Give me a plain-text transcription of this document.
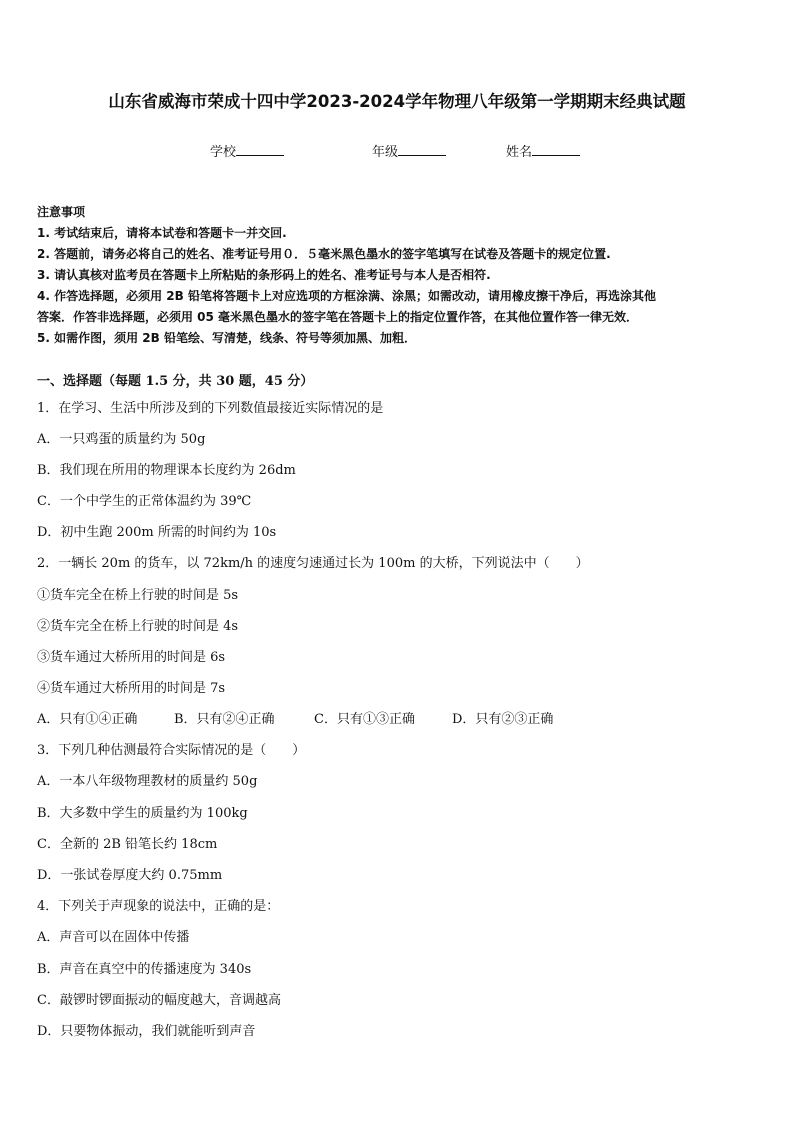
山东省威海市荣成十四中学2023-2024学年物理八年级第一学期期末经典试题
学校	年级	姓名
注意事项
1. 考试结束后，请将本试卷和答题卡一并交回.
2. 答题前，请务必将自己的姓名、准考证号用０．５毫米黑色墨水的签字笔填写在试卷及答题卡的规定位置.
3. 请认真核对监考员在答题卡上所粘贴的条形码上的姓名、准考证号与本人是否相符.
4. 作答选择题，必须用 2B 铅笔将答题卡上对应选项的方框涂满、涂黑；如需改动，请用橡皮擦干净后，再选涂其他
答案．作答非选择题，必须用 05 毫米黑色墨水的签字笔在答题卡上的指定位置作答，在其他位置作答一律无效．
5. 如需作图，须用 2B 铅笔绘、写清楚，线条、符号等须加黑、加粗．
一、选择题（每题 1.5 分，共 30 题，45 分）
1．在学习、生活中所涉及到的下列数值最接近实际情况的是
A．一只鸡蛋的质量约为 50g
B．我们现在所用的物理课本长度约为 26dm
C．一个中学生的正常体温约为 39℃
D．初中生跑 200m 所需的时间约为 10s
2．一辆长 20m 的货车，以 72km/h 的速度匀速通过长为 100m 的大桥，下列说法中（　　）
①货车完全在桥上行驶的时间是 5s
②货车完全在桥上行驶的时间是 4s
③货车通过大桥所用的时间是 6s
④货车通过大桥所用的时间是 7s
A．只有①④正确	B．只有②④正确	C．只有①③正确	D．只有②③正确
3．下列几种估测最符合实际情况的是（　　）
A．一本八年级物理教材的质量约 50g
B．大多数中学生的质量约为 100kg
C．全新的 2B 铅笔长约 18cm
D．一张试卷厚度大约 0.75mm
4．下列关于声现象的说法中，正确的是：
A．声音可以在固体中传播
B．声音在真空中的传播速度为 340s
C．敲锣时锣面振动的幅度越大，音调越高
D．只要物体振动，我们就能听到声音
